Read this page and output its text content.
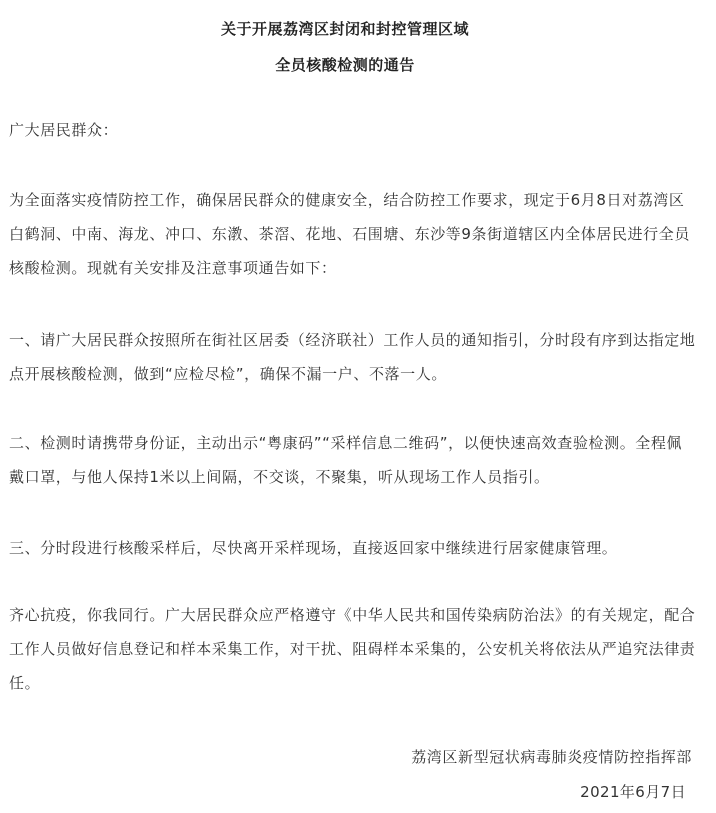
关于开展荔湾区封闭和封控管理区域
全员核酸检测的通告

广大居民群众：

为全面落实疫情防控工作，确保居民群众的健康安全，结合防控工作要求，现定于6月8日对荔湾区白鹤洞、中南、海龙、冲口、东漖、茶滘、花地、石围塘、东沙等9条街道辖区内全体居民进行全员核酸检测。现就有关安排及注意事项通告如下：

一、请广大居民群众按照所在街社区居委（经济联社）工作人员的通知指引，分时段有序到达指定地点开展核酸检测，做到“应检尽检”，确保不漏一户、不落一人。

二、检测时请携带身份证，主动出示“粤康码”“采样信息二维码”，以便快速高效查验检测。全程佩戴口罩，与他人保持1米以上间隔，不交谈，不聚集，听从现场工作人员指引。

三、分时段进行核酸采样后，尽快离开采样现场，直接返回家中继续进行居家健康管理。

齐心抗疫，你我同行。广大居民群众应严格遵守《中华人民共和国传染病防治法》的有关规定，配合工作人员做好信息登记和样本采集工作，对干扰、阻碍样本采集的，公安机关将依法从严追究法律责任。

荔湾区新型冠状病毒肺炎疫情防控指挥部
2021年6月7日
